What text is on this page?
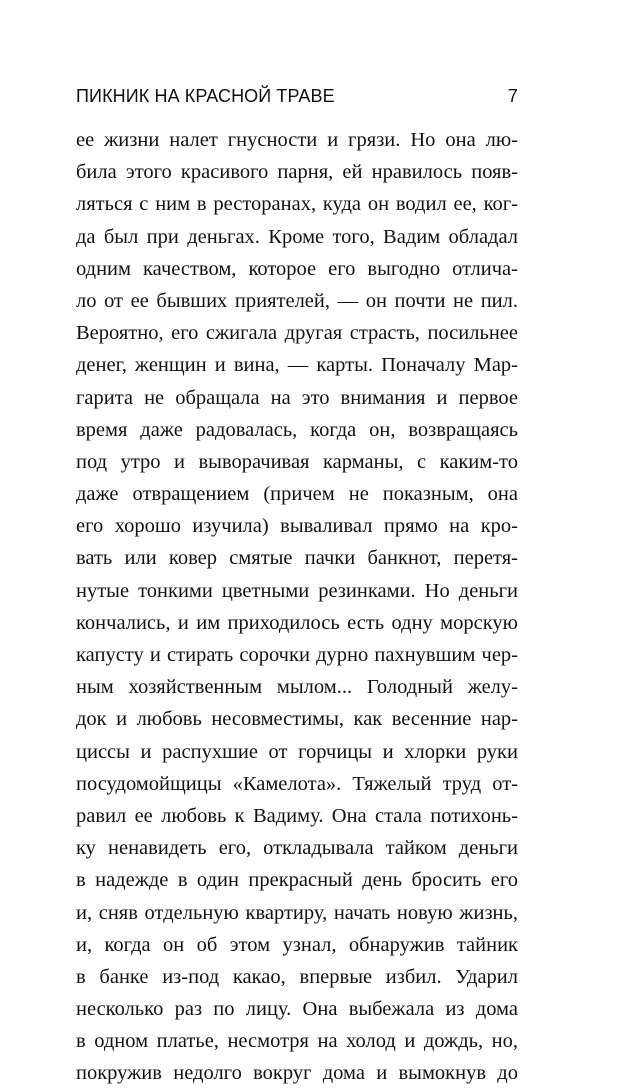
ПИКНИК НА КРАСНОЙ ТРАВЕ	7
ее жизни налет гнусности и грязи. Но она лю-
била этого красивого парня, ей нравилось появ-
ляться с ним в ресторанах, куда он водил ее, ког-
да был при деньгах. Кроме того, Вадим обладал
одним качеством, которое его выгодно отлича-
ло от ее бывших приятелей, — он почти не пил.
Вероятно, его сжигала другая страсть, посильнее
денег, женщин и вина, — карты. Поначалу Мар-
гарита не обращала на это внимания и первое
время даже радовалась, когда он, возвращаясь
под утро и выворачивая карманы, с каким-то
даже отвращением (причем не показным, она
его хорошо изучила) вываливал прямо на кро-
вать или ковер смятые пачки банкнот, перетя-
нутые тонкими цветными резинками. Но деньги
кончались, и им приходилось есть одну морскую
капусту и стирать сорочки дурно пахнувшим чер-
ным хозяйственным мылом... Голодный желу-
док и любовь несовместимы, как весенние нар-
циссы и распухшие от горчицы и хлорки руки
посудомойщицы «Камелота». Тяжелый труд от-
равил ее любовь к Вадиму. Она стала потихонь-
ку ненавидеть его, откладывала тайком деньги
в надежде в один прекрасный день бросить его
и, сняв отдельную квартиру, начать новую жизнь,
и, когда он об этом узнал, обнаружив тайник
в банке из-под какао, впервые избил. Ударил
несколько раз по лицу. Она выбежала из дома
в одном платье, несмотря на холод и дождь, но,
покружив недолго вокруг дома и вымокнув до
